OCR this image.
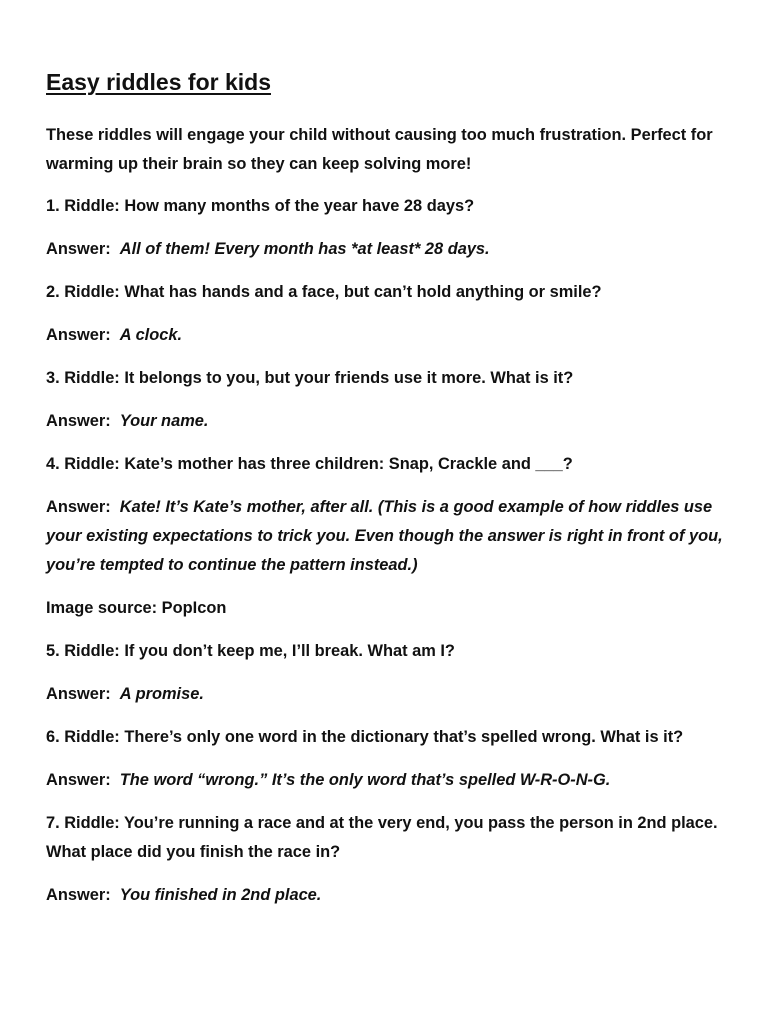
Easy riddles for kids

These riddles will engage your child without causing too much frustration. Perfect for warming up their brain so they can keep solving more!

1. Riddle: How many months of the year have 28 days?

Answer: All of them! Every month has *at least* 28 days.

2. Riddle: What has hands and a face, but can’t hold anything or smile?

Answer: A clock.

3. Riddle: It belongs to you, but your friends use it more. What is it?

Answer: Your name.

4. Riddle: Kate’s mother has three children: Snap, Crackle and ___?

Answer: Kate! It’s Kate’s mother, after all. (This is a good example of how riddles use your existing expectations to trick you. Even though the answer is right in front of you, you’re tempted to continue the pattern instead.)

Image source: PopIcon

5. Riddle: If you don’t keep me, I’ll break. What am I?

Answer: A promise.

6. Riddle: There’s only one word in the dictionary that’s spelled wrong. What is it?

Answer: The word “wrong.” It’s the only word that’s spelled W-R-O-N-G.

7. Riddle: You’re running a race and at the very end, you pass the person in 2nd place. What place did you finish the race in?

Answer: You finished in 2nd place.
